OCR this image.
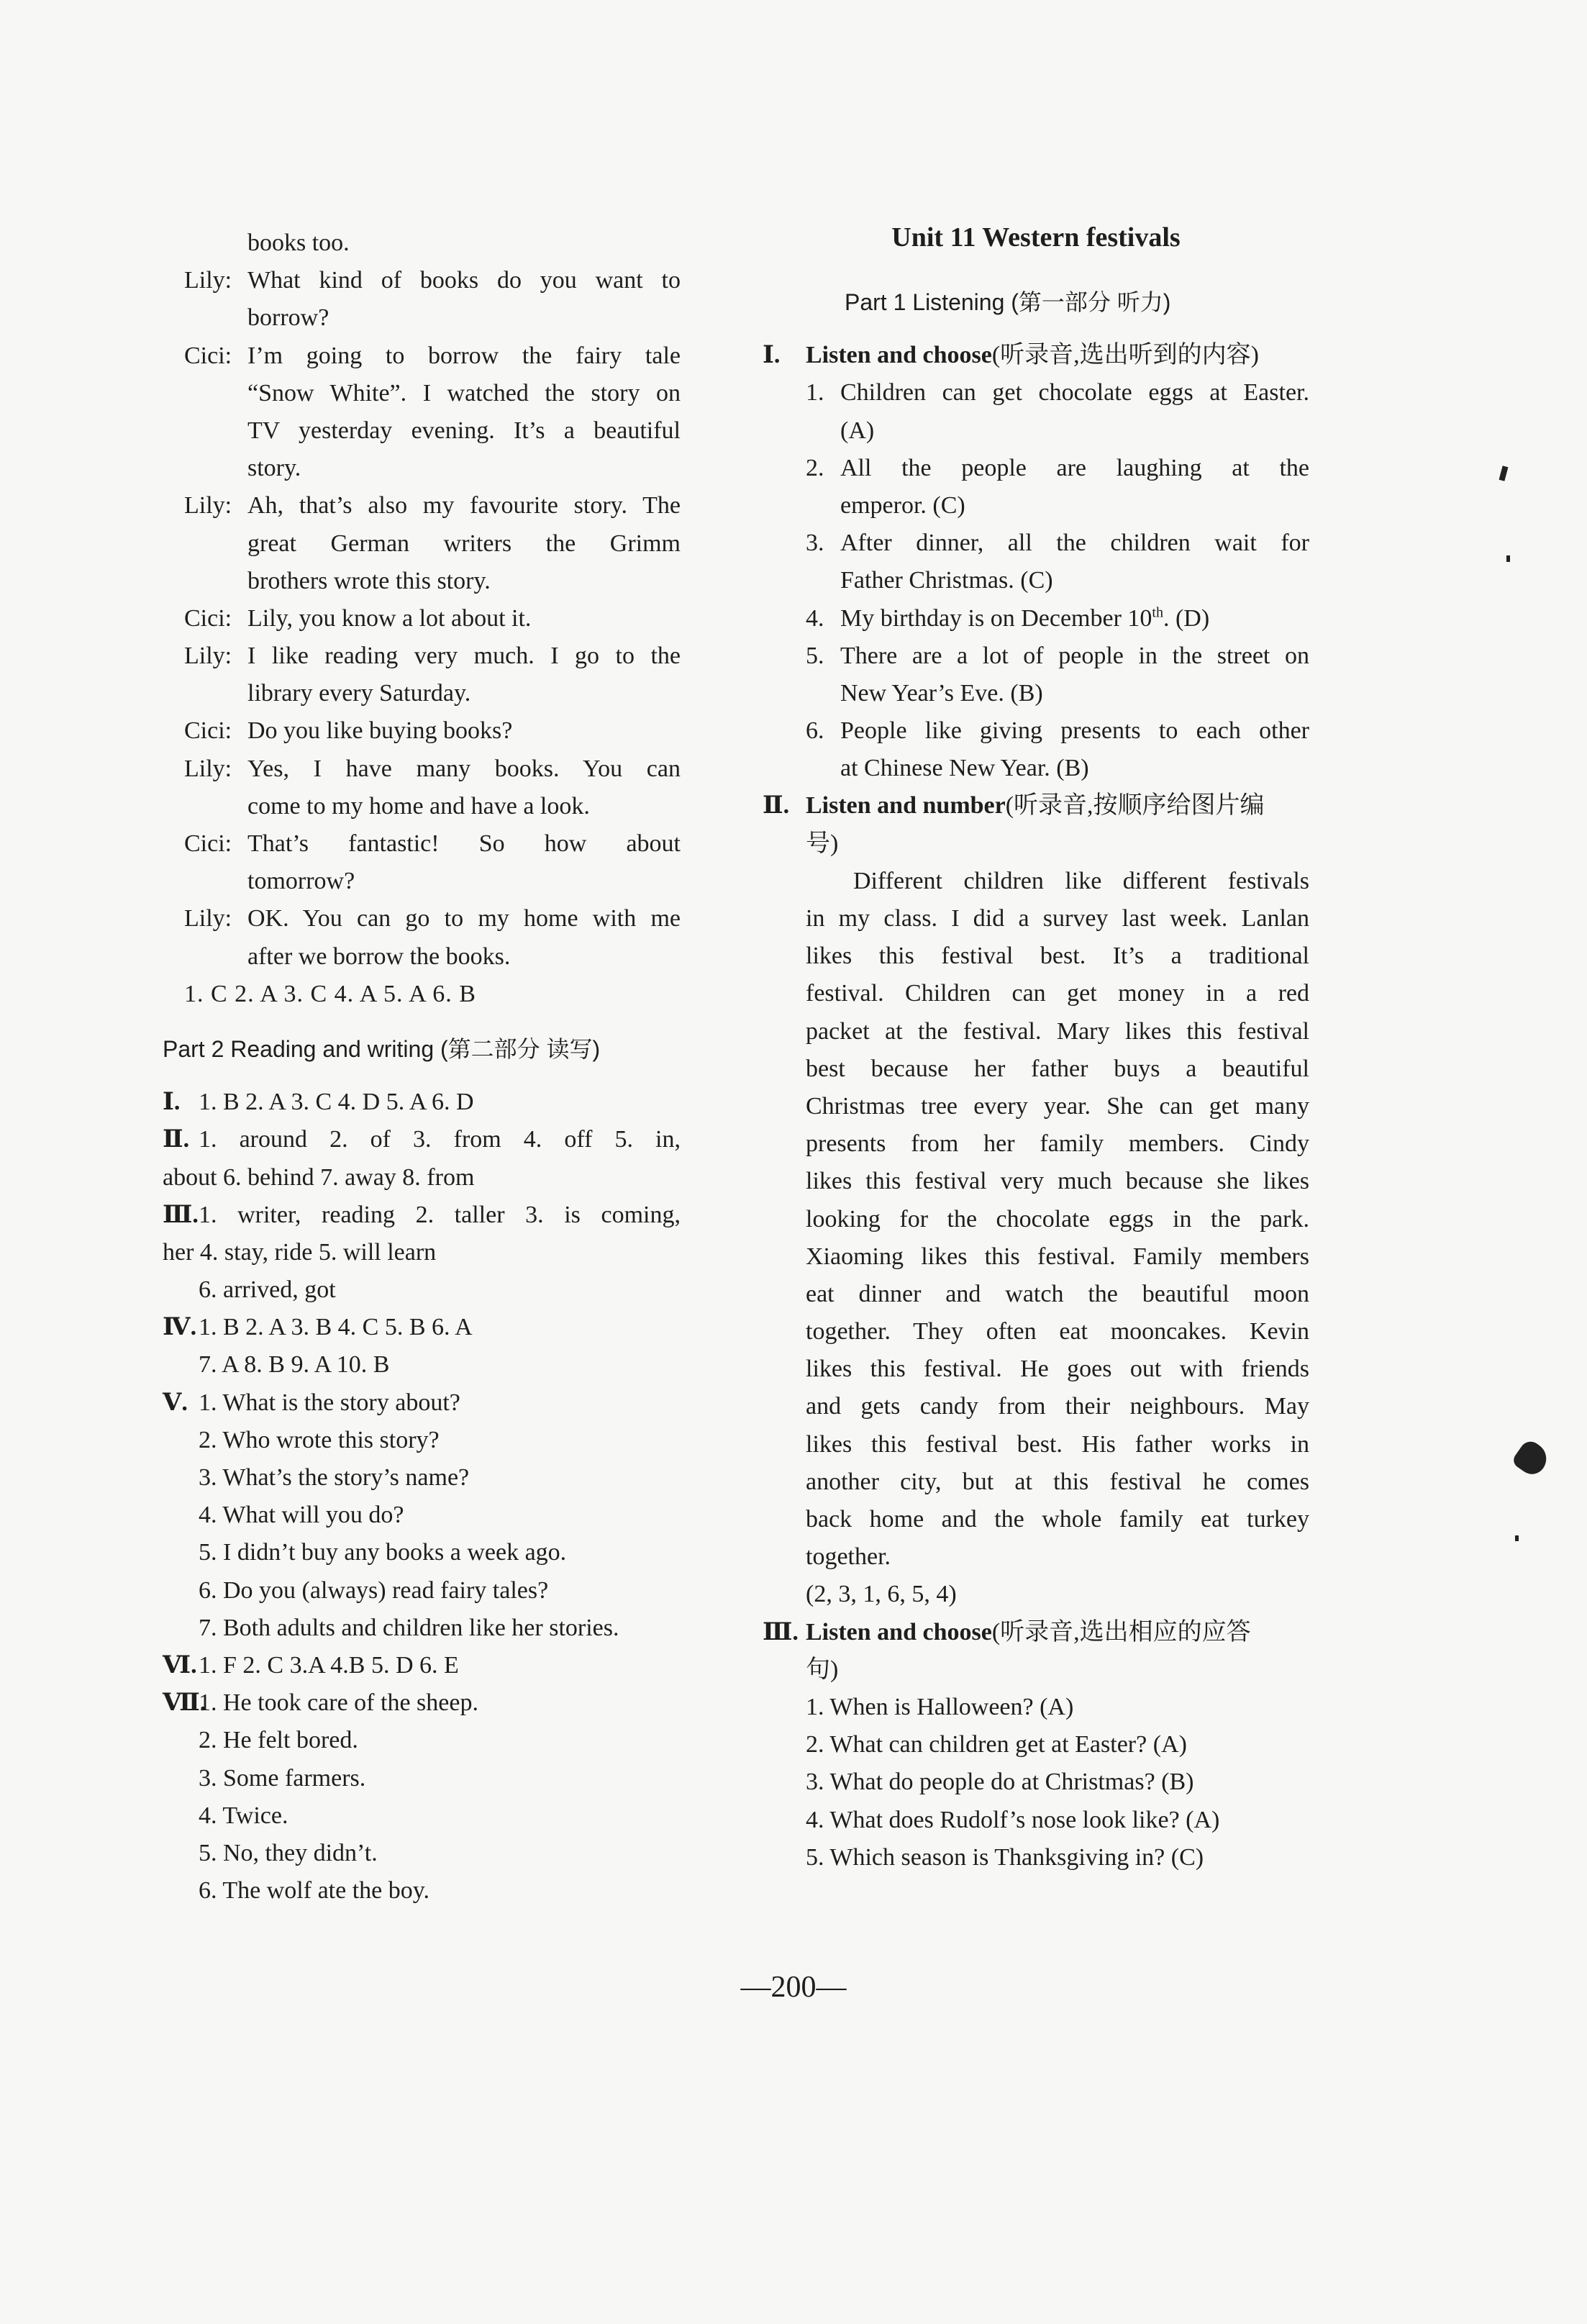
books too.
Lily: What kind of books do you want to
borrow?
Cici: I’m going to borrow the fairy tale
“Snow White”. I watched the story on
TV yesterday evening. It’s a beautiful
story.
Lily: Ah, that’s also my favourite story. The
great German writers the Grimm
brothers wrote this story.
Cici: Lily, you know a lot about it.
Lily: I like reading very much. I go to the
library every Saturday.
Cici: Do you like buying books?
Lily: Yes, I have many books. You can
come to my home and have a look.
Cici: That’s fantastic! So how about
tomorrow?
Lily: OK. You can go to my home with me
after we borrow the books.
1. C 2. A 3. C 4. A 5. A 6. B
Part 2 Reading and writing (第二部分 读写)
Ⅰ. 1. B 2. A 3. C 4. D 5. A 6. D
Ⅱ. 1. around 2. of 3. from 4. off 5. in,
about 6. behind 7. away 8. from
Ⅲ. 1. writer, reading 2. taller 3. is coming,
her 4. stay, ride 5. will learn
6. arrived, got
Ⅳ. 1. B 2. A 3. B 4. C 5. B 6. A
7. A 8. B 9. A 10. B
Ⅴ. 1. What is the story about?
2. Who wrote this story?
3. What’s the story’s name?
4. What will you do?
5. I didn’t buy any books a week ago.
6. Do you (always) read fairy tales?
7. Both adults and children like her stories.
Ⅵ. 1. F 2. C 3.A 4.B 5. D 6. E
Ⅶ.
1. He took care of the sheep.
2. He felt bored.
3. Some farmers.
4. Twice.
5. No, they didn’t.
6. The wolf ate the boy.
Unit 11 Western festivals
Part 1 Listening (第一部分 听力)
Ⅰ. Listen and choose(听录音,选出听到的内容)
1. Children can get chocolate eggs at Easter.
(A)
2. All the people are laughing at the
emperor. (C)
3. After dinner, all the children wait for
Father Christmas. (C)
4. My birthday is on December 10th. (D)
5. There are a lot of people in the street on
New Year’s Eve. (B)
6. People like giving presents to each other
at Chinese New Year. (B)
Ⅱ. Listen and number(听录音,按顺序给图片编
号)
Different children like different festivals
in my class. I did a survey last week. Lanlan
likes this festival best. It’s a traditional
festival. Children can get money in a red
packet at the festival. Mary likes this festival
best because her father buys a beautiful
Christmas tree every year. She can get many
presents from her family members. Cindy
likes this festival very much because she likes
looking for the chocolate eggs in the park.
Xiaoming likes this festival. Family members
eat dinner and watch the beautiful moon
together. They often eat mooncakes. Kevin
likes this festival. He goes out with friends
and gets candy from their neighbours. May
likes this festival best. His father works in
another city, but at this festival he comes
back home and the whole family eat turkey
together.
(2, 3, 1, 6, 5, 4)
Ⅲ. Listen and choose(听录音,选出相应的应答
句)
1. When is Halloween? (A)
2. What can children get at Easter? (A)
3. What do people do at Christmas? (B)
4. What does Rudolf’s nose look like? (A)
5. Which season is Thanksgiving in? (C)
—200—
